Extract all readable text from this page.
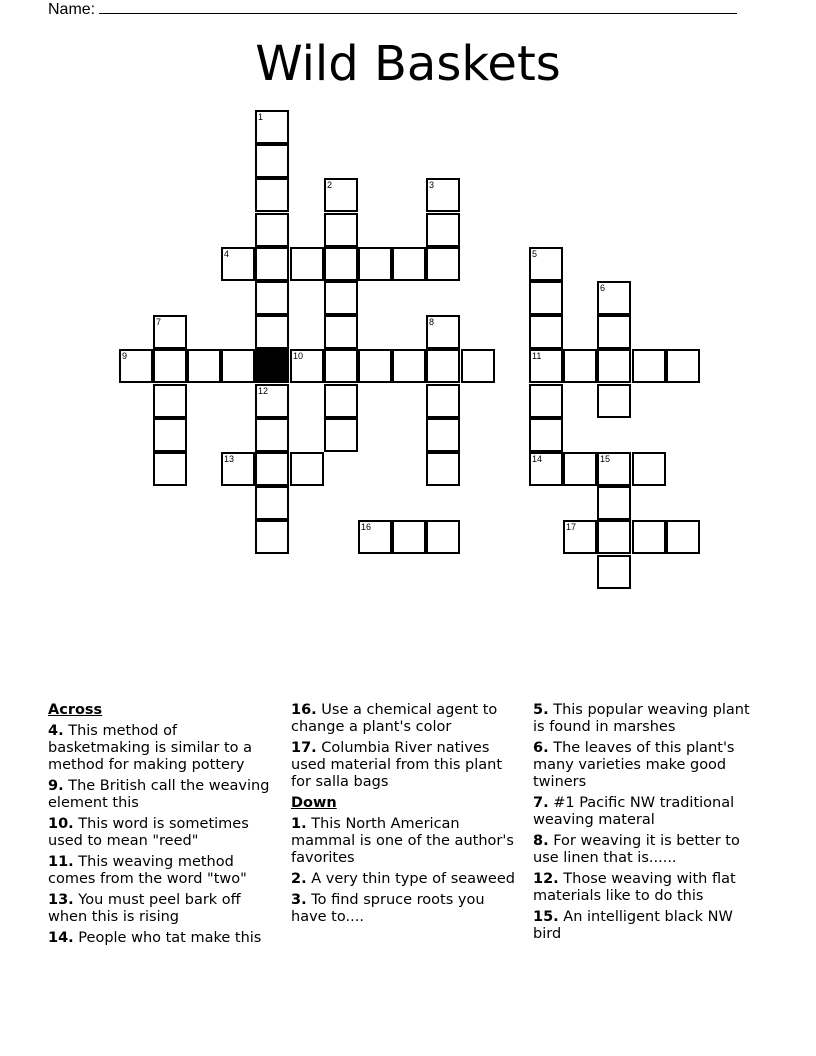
Name:
Wild Baskets
1
2	3
4	5
6
7	8
9	10	11
12
13	14	15
16	17
Across
4. This method of basketmaking is similar to a method for making pottery
9. The British call the weaving element this
10. This word is sometimes used to mean "reed"
11. This weaving method comes from the word "two"
13. You must peel bark off when this is rising
14. People who tat make this
16. Use a chemical agent to change a plant's color
17. Columbia River natives used material from this plant for salla bags
Down
1. This North American mammal is one of the author's favorites
2. A very thin type of seaweed
3. To find spruce roots you have to....
5. This popular weaving plant is found in marshes
6. The leaves of this plant's many varieties make good twiners
7. #1 Pacific NW traditional weaving materal
8. For weaving it is better to use linen that is......
12. Those weaving with flat materials like to do this
15. An intelligent black NW bird
